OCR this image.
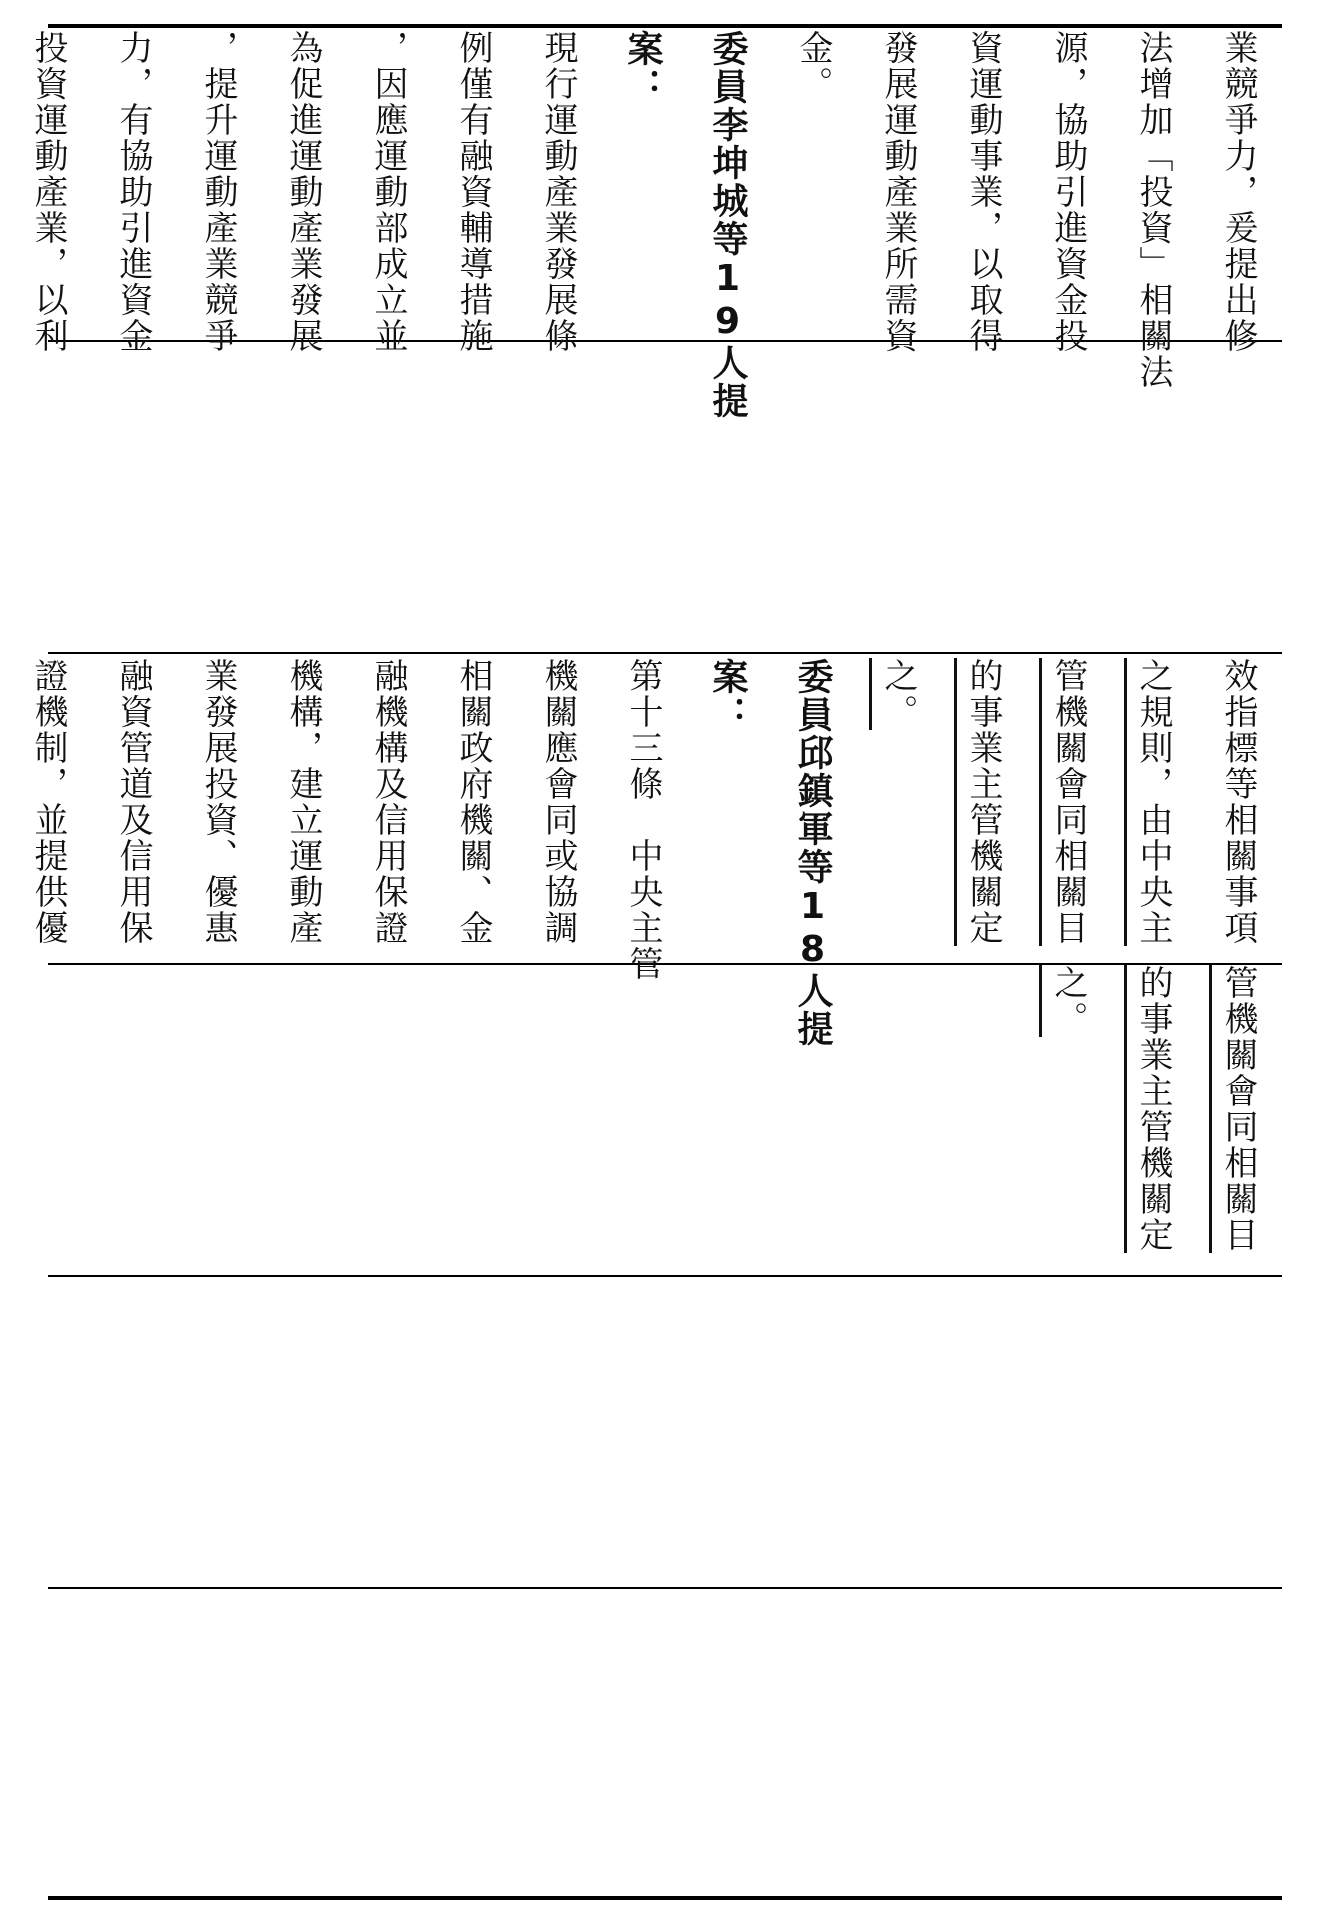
業競爭力，爰提出修
法增加「投資」相關法
源，協助引進資金投
資運動事業，以取得
發展運動產業所需資
金。
委員李坤城等19人提
案：
現行運動產業發展條
例僅有融資輔導措施
，因應運動部成立並
為促進運動產業發展
，提升運動產業競爭
力，有協助引進資金
投資運動產業，以利
效指標等相關事項
之規則，由中央主
管機關會同相關目
的事業主管機關定
之。
委員邱鎮軍等18人提
案：
第十三條　中央主管
機關應會同或協調
相關政府機關、金
融機構及信用保證
機構，建立運動產
業發展投資、優惠
融資管道及信用保
證機制，並提供優
管機關會同相關目
的事業主管機關定
之。
